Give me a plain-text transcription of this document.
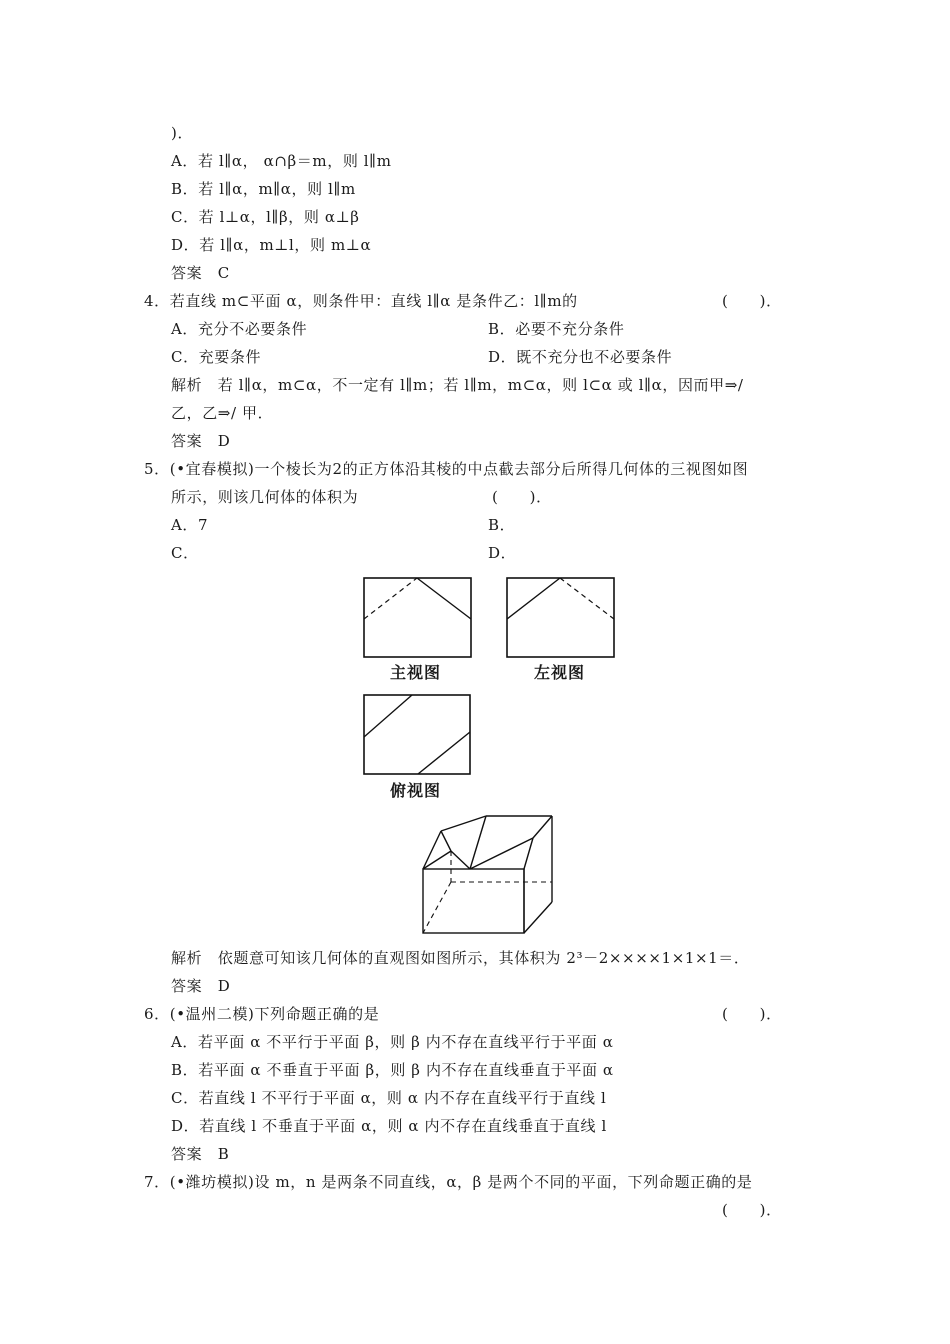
)．
A．若 l∥α， α∩β＝m，则 l∥m
B．若 l∥α，m∥α，则 l∥m
C．若 l⊥α，l∥β，则 α⊥β
D．若 l∥α，m⊥l，则 m⊥α
答案　C
4．若直线 m⊂平面 α，则条件甲：直线 l∥α 是条件乙：l∥m的	(　　)．
A．充分不必要条件	B．必要不充分条件
C．充要条件	D．既不充分也不必要条件
解析　若 l∥α，m⊂α，不一定有 l∥m；若 l∥m，m⊂α，则 l⊂α 或 l∥α，因而甲⇒/
乙，乙⇒/ 甲．
答案　D
5．(•宜春模拟)一个棱长为2的正方体沿其棱的中点截去部分后所得几何体的三视图如图
所示，则该几何体的体积为	(　　)．
A．7	B．
C．	D．
主视图	左视图
俯视图
解析　依题意可知该几何体的直观图如图所示，其体积为 2³－2××××1×1×1＝．
答案　D
6．(•温州二模)下列命题正确的是	(　　)．
A．若平面 α 不平行于平面 β，则 β 内不存在直线平行于平面 α
B．若平面 α 不垂直于平面 β，则 β 内不存在直线垂直于平面 α
C．若直线 l 不平行于平面 α，则 α 内不存在直线平行于直线 l
D．若直线 l 不垂直于平面 α，则 α 内不存在直线垂直于直线 l
答案　B
7．(•潍坊模拟)设 m，n 是两条不同直线，α，β 是两个不同的平面，下列命题正确的是
(　　)．
